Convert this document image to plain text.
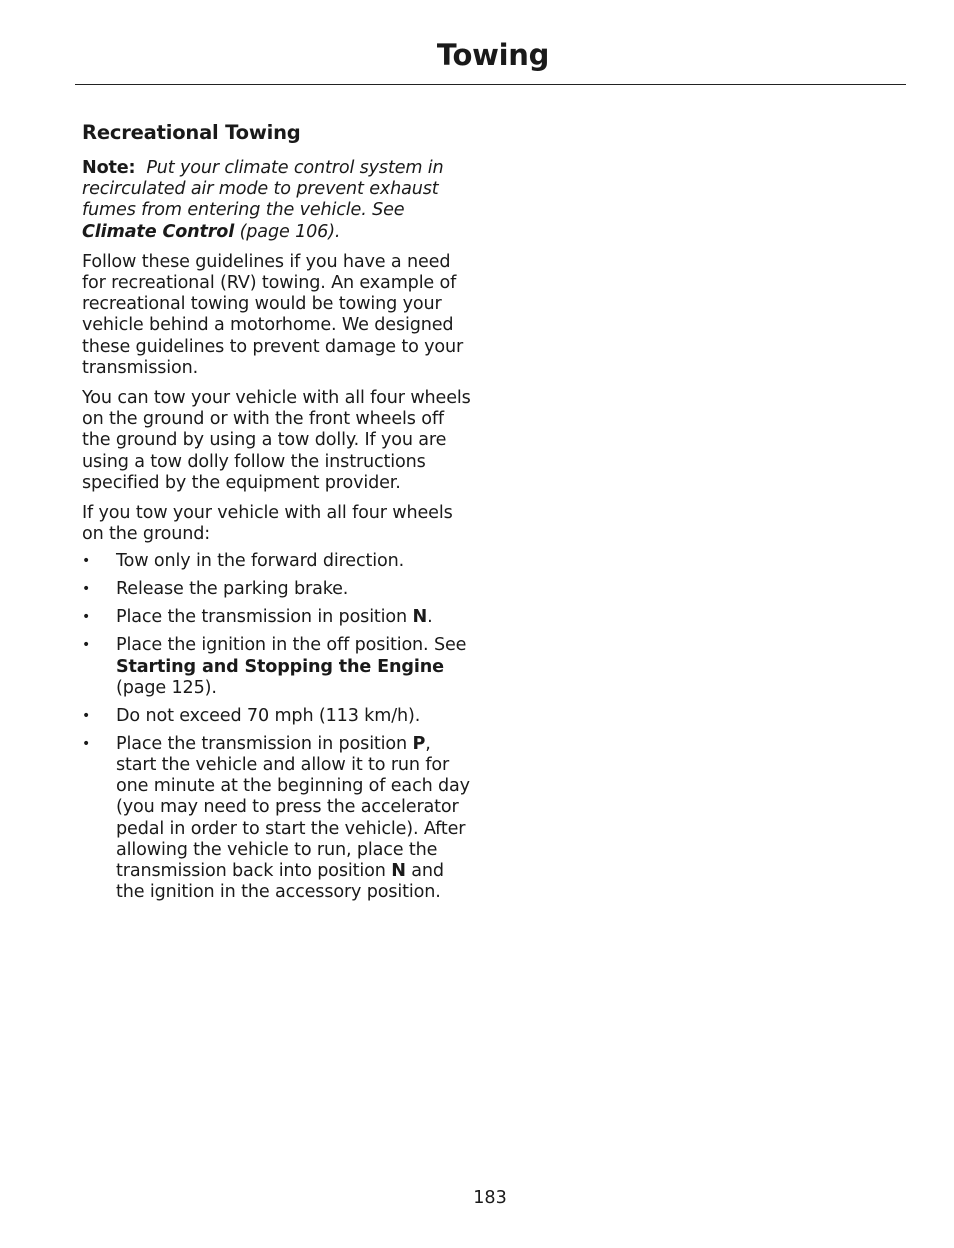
Towing
Recreational Towing

Note: Put your climate control system in recirculated air mode to prevent exhaust fumes from entering the vehicle. See Climate Control (page 106).

Follow these guidelines if you have a need for recreational (RV) towing. An example of recreational towing would be towing your vehicle behind a motorhome. We designed these guidelines to prevent damage to your transmission.

You can tow your vehicle with all four wheels on the ground or with the front wheels off the ground by using a tow dolly. If you are using a tow dolly follow the instructions specified by the equipment provider.

If you tow your vehicle with all four wheels on the ground:

• Tow only in the forward direction.
• Release the parking brake.
• Place the transmission in position N.
• Place the ignition in the off position. See Starting and Stopping the Engine (page 125).
• Do not exceed 70 mph (113 km/h).
• Place the transmission in position P, start the vehicle and allow it to run for one minute at the beginning of each day (you may need to press the accelerator pedal in order to start the vehicle). After allowing the vehicle to run, place the transmission back into position N and the ignition in the accessory position.
183
